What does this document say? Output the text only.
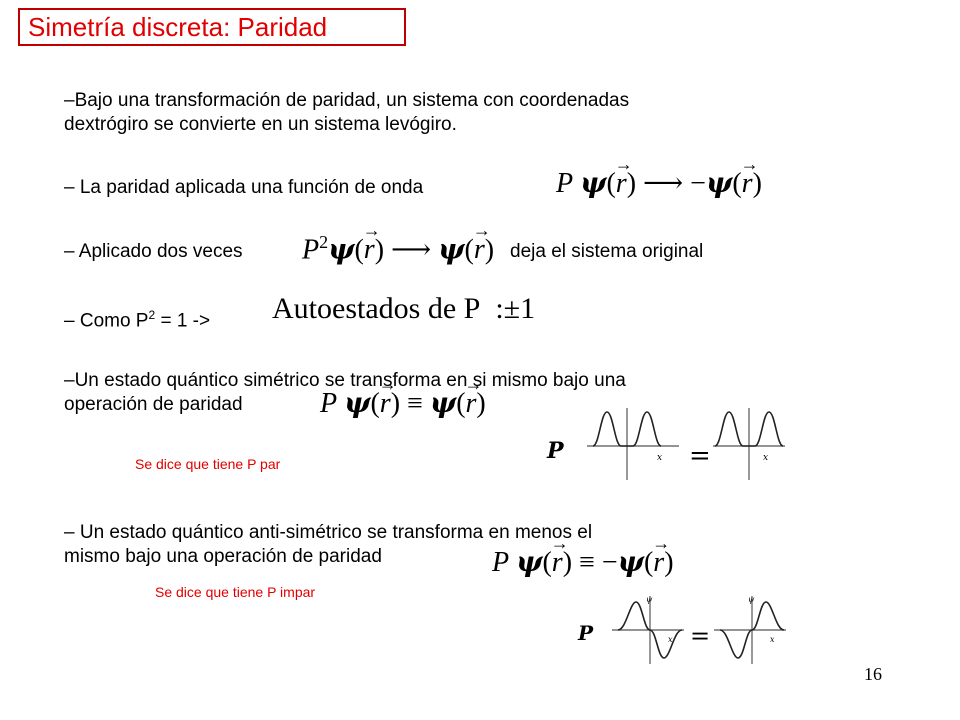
Simetría discreta: Paridad
–Bajo una transformación de paridad, un sistema con coordenadas
dextrógiro se convierte en un sistema levógiro.
– La paridad aplicada una función de onda	P ψ(→ r) ⟶ −ψ(→ r)
– Aplicado dos veces $P^2\psi(\to r)$ ⟶ ψ(→ r) deja el sistema original
– Como $P^2 = 1$ -> Autoestados de P :±1
–Un estado quántico simétrico se transforma en si mismo bajo una
operación de paridad	P ψ(→ r) ≡ ψ(→ r)
Se dice que tiene P par	P	x =	x
– Un estado quántico anti-simétrico se transforma en menos el
mismo bajo una operación de paridad	P ψ(→ r) ≡ −ψ(→ r)
Se dice que tiene P impar
P
ψ
x =
ψ
x
16
